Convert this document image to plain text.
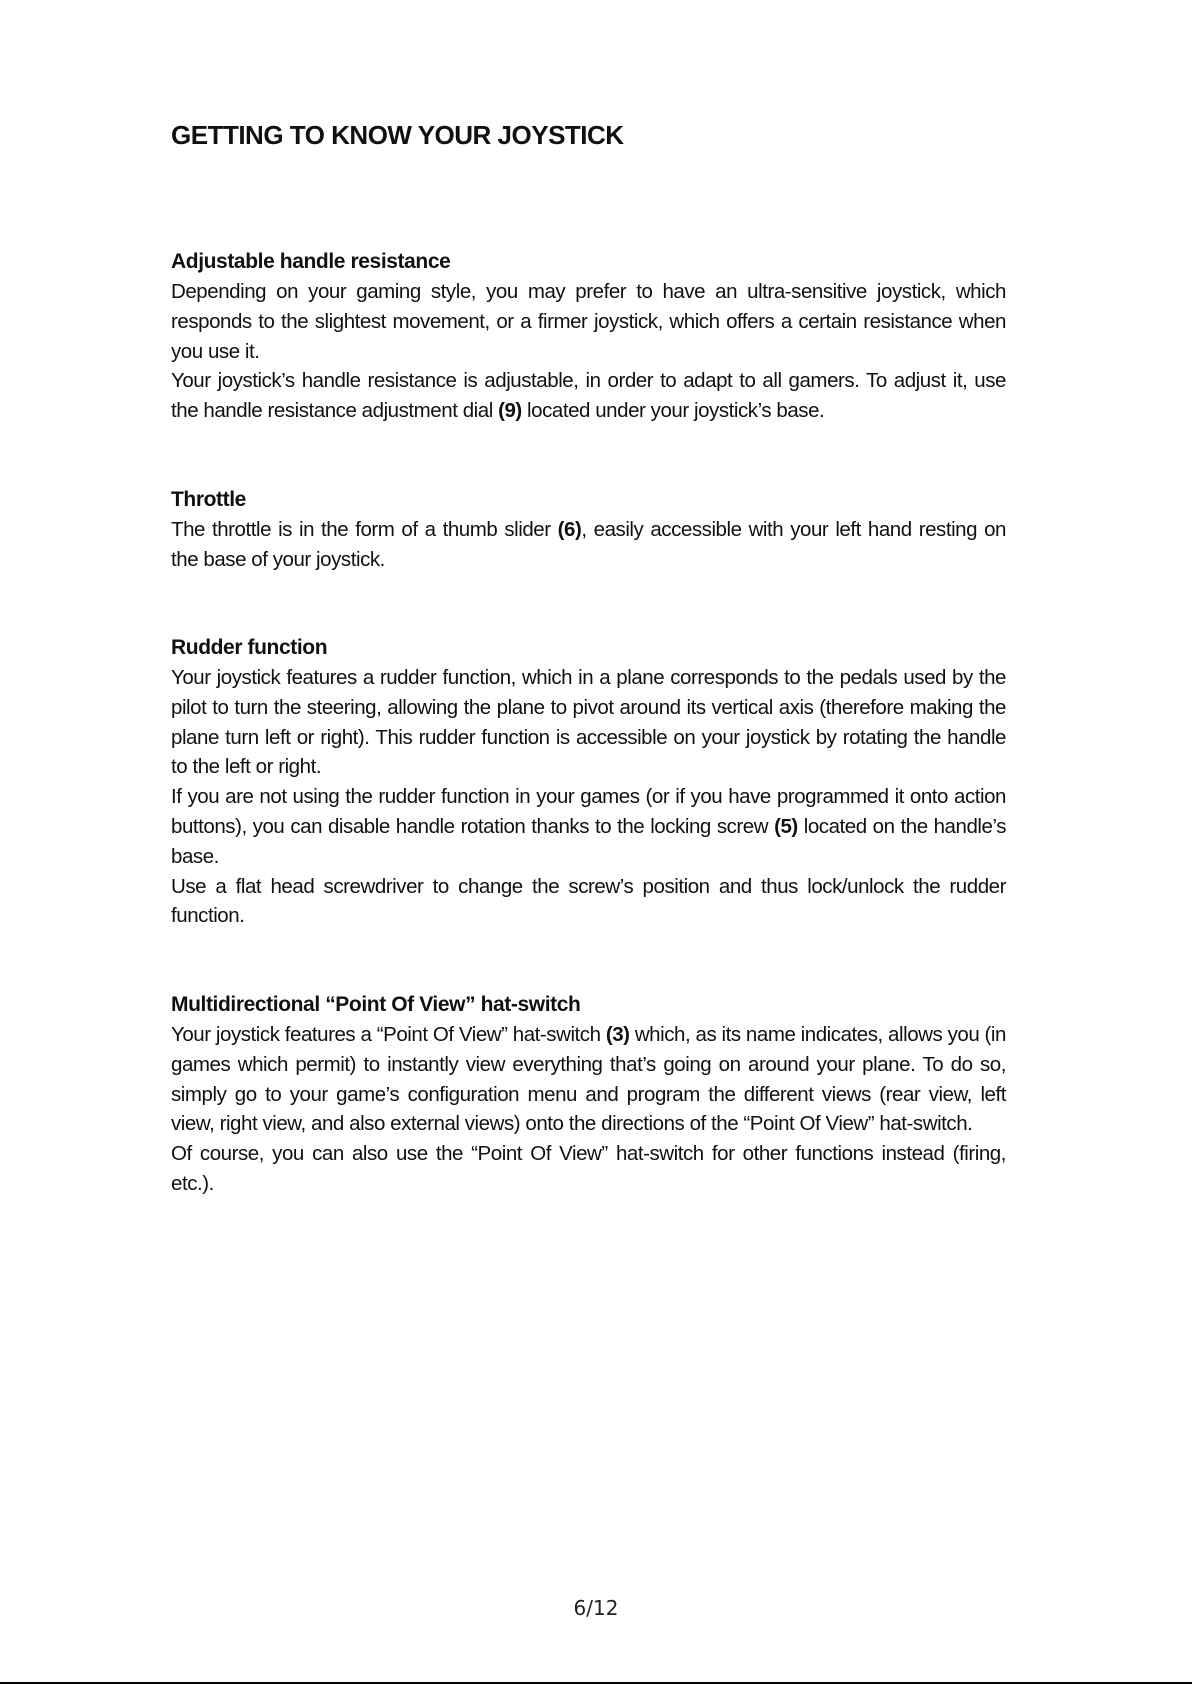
GETTING TO KNOW YOUR JOYSTICK
Adjustable handle resistance

Depending on your gaming style, you may prefer to have an ultra-sensitive joystick, which responds to the slightest movement, or a firmer joystick, which offers a certain resistance when you use it.

Your joystick’s handle resistance is adjustable, in order to adapt to all gamers. To adjust it, use the handle resistance adjustment dial (9) located under your joystick’s base.

Throttle

The throttle is in the form of a thumb slider (6), easily accessible with your left hand resting on the base of your joystick.

Rudder function

Your joystick features a rudder function, which in a plane corresponds to the pedals used by the pilot to turn the steering, allowing the plane to pivot around its vertical axis (therefore making the plane turn left or right). This rudder function is accessible on your joystick by rotating the handle to the left or right.

If you are not using the rudder function in your games (or if you have programmed it onto action buttons), you can disable handle rotation thanks to the locking screw (5) located on the handle’s base.

Use a flat head screwdriver to change the screw’s position and thus lock/unlock the rudder function.

Multidirectional “Point Of View” hat-switch

Your joystick features a “Point Of View” hat-switch (3) which, as its name indicates, allows you (in games which permit) to instantly view everything that’s going on around your plane. To do so, simply go to your game’s configuration menu and program the different views (rear view, left view, right view, and also external views) onto the directions of the “Point Of View” hat-switch.

Of course, you can also use the “Point Of View” hat-switch for other functions instead (firing, etc.).

6/12
